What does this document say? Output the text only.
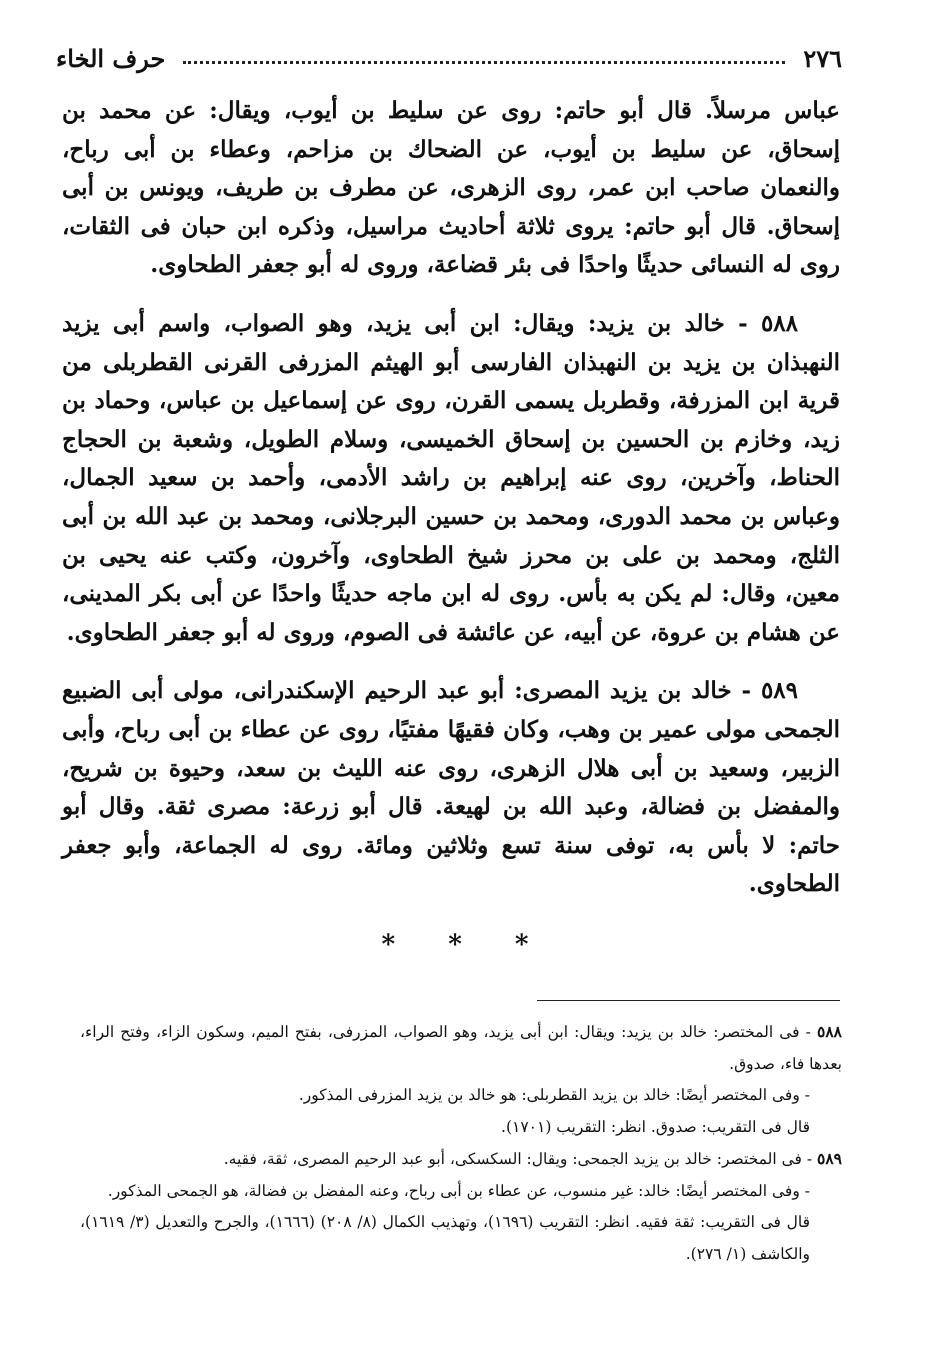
٢٧٦
حرف الخاء

عباس مرسلاً. قال أبو حاتم: روى عن سليط بن أيوب، ويقال: عن محمد بن إسحاق، عن سليط بن أيوب، عن الضحاك بن مزاحم، وعطاء بن أبى رباح، والنعمان صاحب ابن عمر، روى الزهرى، عن مطرف بن طريف، ويونس بن أبى إسحاق. قال أبو حاتم: يروى ثلاثة أحاديث مراسيل، وذكره ابن حبان فى الثقات، روى له النسائى حديثًا واحدًا فى بئر قضاعة، وروى له أبو جعفر الطحاوى.

٥٨٨ - خالد بن يزيد: ويقال: ابن أبى يزيد، وهو الصواب، واسم أبى يزيد النهبذان بن يزيد بن النهبذان الفارسى أبو الهيثم المزرفى القرنى القطربلى من قرية ابن المزرفة، وقطربل يسمى القرن، روى عن إسماعيل بن عباس، وحماد بن زيد، وخازم بن الحسين بن إسحاق الخميسى، وسلام الطويل، وشعبة بن الحجاج الحناط، وآخرين، روى عنه إبراهيم بن راشد الأدمى، وأحمد بن سعيد الجمال، وعباس بن محمد الدورى، ومحمد بن حسين البرجلانى، ومحمد بن عبد الله بن أبى الثلج، ومحمد بن على بن محرز شيخ الطحاوى، وآخرون، وكتب عنه يحيى بن معين، وقال: لم يكن به بأس. روى له ابن ماجه حديثًا واحدًا عن أبى بكر المدينى، عن هشام بن عروة، عن أبيه، عن عائشة فى الصوم، وروى له أبو جعفر الطحاوى.

٥٨٩ - خالد بن يزيد المصرى: أبو عبد الرحيم الإسكندرانى، مولى أبى الضبيع الجمحى مولى عمير بن وهب، وكان فقيهًا مفتيًا، روى عن عطاء بن أبى رباح، وأبى الزبير، وسعيد بن أبى هلال الزهرى، روى عنه الليث بن سعد، وحيوة بن شريح، والمفضل بن فضالة، وعبد الله بن لهيعة. قال أبو زرعة: مصرى ثقة. وقال أبو حاتم: لا بأس به، توفى سنة تسع وثلاثين ومائة. روى له الجماعة، وأبو جعفر الطحاوى.

* * *

٥٨٨ - فى المختصر: خالد بن يزيد: ويقال: ابن أبى يزيد، وهو الصواب، المزرفى، بفتح الميم، وسكون الزاء، وفتح الراء، بعدها فاء، صدوق.

- وفى المختصر أيضًا: خالد بن يزيد القطربلى: هو خالد بن يزيد المزرفى المذكور.

قال فى التقريب: صدوق. انظر: التقريب (١٧٠١).

٥٨٩ - فى المختصر: خالد بن يزيد الجمحى: ويقال: السكسكى، أبو عبد الرحيم المصرى، ثقة، فقيه.

- وفى المختصر أيضًا: خالد: غير منسوب، عن عطاء بن أبى رباح، وعنه المفضل بن فضالة، هو الجمحى المذكور.

قال فى التقريب: ثقة فقيه. انظر: التقريب (١٦٩٦)، وتهذيب الكمال (٨/ ٢٠٨) (١٦٦٦)، والجرح والتعديل (٣/ ١٦١٩)، والكاشف (١/ ٢٧٦).
